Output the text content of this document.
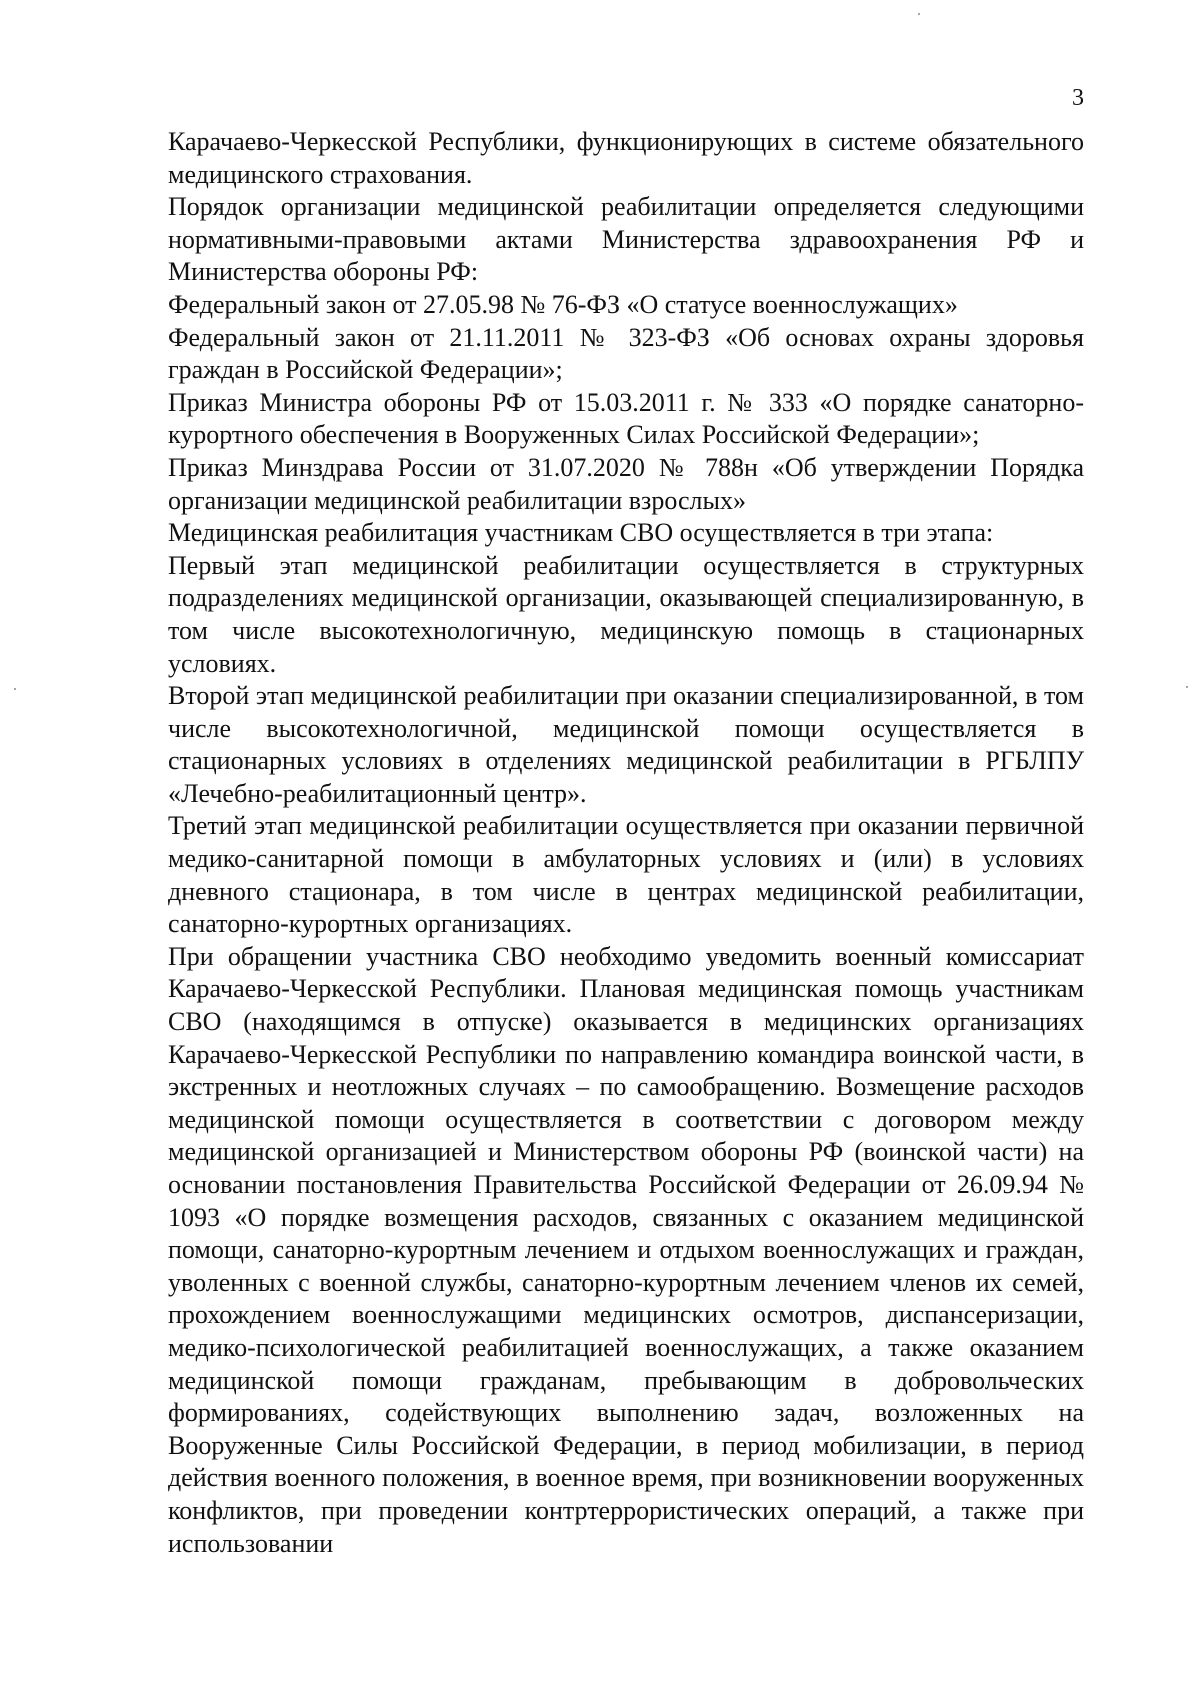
3

Карачаево-Черкесской Республики, функционирующих в системе обязательного медицинского страхования.

Порядок организации медицинской реабилитации определяется следующими нормативными-правовыми актами Министерства здравоохранения РФ и Министерства обороны РФ:

Федеральный закон от 27.05.98 № 76-ФЗ «О статусе военнослужащих»

Федеральный закон от 21.11.2011 № 323-ФЗ «Об основах охраны здоровья граждан в Российской Федерации»;

Приказ Министра обороны РФ от 15.03.2011 г. № 333 «О порядке санаторно-курортного обеспечения в Вооруженных Силах Российской Федерации»;

Приказ Минздрава России от 31.07.2020 № 788н «Об утверждении Порядка организации медицинской реабилитации взрослых»

Медицинская реабилитация участникам СВО осуществляется в три этапа:

Первый этап медицинской реабилитации осуществляется в структурных подразделениях медицинской организации, оказывающей специализированную, в том числе высокотехнологичную, медицинскую помощь в стационарных условиях.

Второй этап медицинской реабилитации при оказании специализированной, в том числе высокотехнологичной, медицинской помощи осуществляется в стационарных условиях в отделениях медицинской реабилитации в РГБЛПУ «Лечебно-реабилитационный центр».

Третий этап медицинской реабилитации осуществляется при оказании первичной медико-санитарной помощи в амбулаторных условиях и (или) в условиях дневного стационара, в том числе в центрах медицинской реабилитации, санаторно-курортных организациях.

При обращении участника СВО необходимо уведомить военный комиссариат Карачаево-Черкесской Республики. Плановая медицинская помощь участникам СВО (находящимся в отпуске) оказывается в медицинских организациях Карачаево-Черкесской Республики по направлению командира воинской части, в экстренных и неотложных случаях – по самообращению. Возмещение расходов медицинской помощи осуществляется в соответствии с договором между медицинской организацией и Министерством обороны РФ (воинской части) на основании постановления Правительства Российской Федерации от 26.09.94 № 1093 «О порядке возмещения расходов, связанных с оказанием медицинской помощи, санаторно-курортным лечением и отдыхом военнослужащих и граждан, уволенных с военной службы, санаторно-курортным лечением членов их семей, прохождением военнослужащими медицинских осмотров, диспансеризации, медико-психологической реабилитацией военнослужащих, а также оказанием медицинской помощи гражданам, пребывающим в добровольческих формированиях, содействующих выполнению задач, возложенных на Вооруженные Силы Российской Федерации, в период мобилизации, в период действия военного положения, в военное время, при возникновении вооруженных конфликтов, при проведении контртеррористических операций, а также при использовании
